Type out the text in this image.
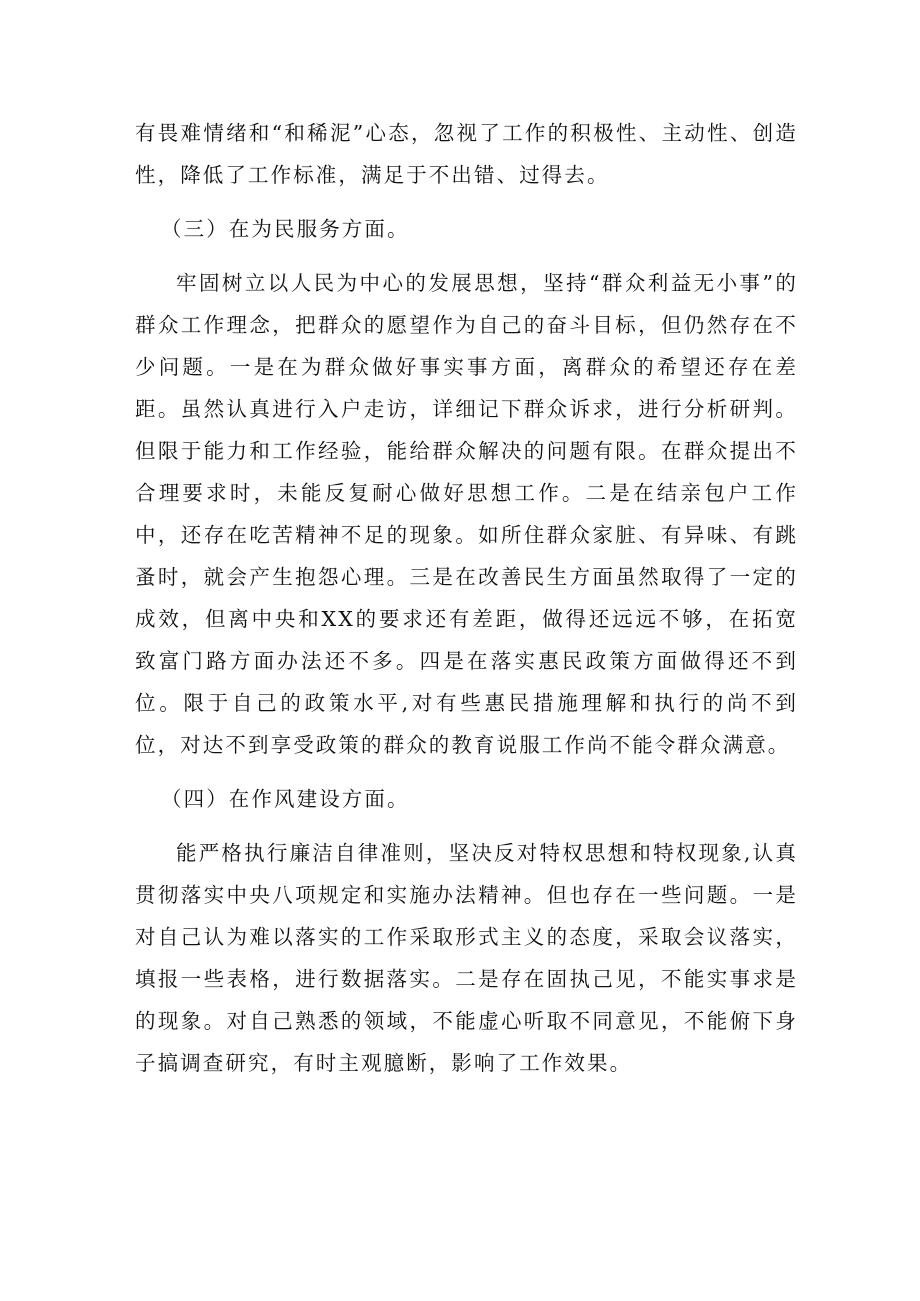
有畏难情绪和“和稀泥”心态，忽视了工作的积极性、主动性、创造性，降低了工作标准，满足于不出错、过得去。

（三）在为民服务方面。

牢固树立以人民为中心的发展思想，坚持“群众利益无小事”的群众工作理念，把群众的愿望作为自己的奋斗目标，但仍然存在不少问题。一是在为群众做好事实事方面，离群众的希望还存在差距。虽然认真进行入户走访，详细记下群众诉求，进行分析研判。但限于能力和工作经验，能给群众解决的问题有限。在群众提出不合理要求时，未能反复耐心做好思想工作。二是在结亲包户工作中，还存在吃苦精神不足的现象。如所住群众家脏、有异味、有跳蚤时，就会产生抱怨心理。三是在改善民生方面虽然取得了一定的成效，但离中央和XX的要求还有差距，做得还远远不够，在拓宽致富门路方面办法还不多。四是在落实惠民政策方面做得还不到位。限于自己的政策水平,对有些惠民措施理解和执行的尚不到位，对达不到享受政策的群众的教育说服工作尚不能令群众满意。

（四）在作风建设方面。

能严格执行廉洁自律准则，坚决反对特权思想和特权现象,认真贯彻落实中央八项规定和实施办法精神。但也存在一些问题。一是对自己认为难以落实的工作采取形式主义的态度，采取会议落实，填报一些表格，进行数据落实。二是存在固执己见，不能实事求是的现象。对自己熟悉的领域，不能虚心听取不同意见，不能俯下身子搞调查研究，有时主观臆断，影响了工作效果。
